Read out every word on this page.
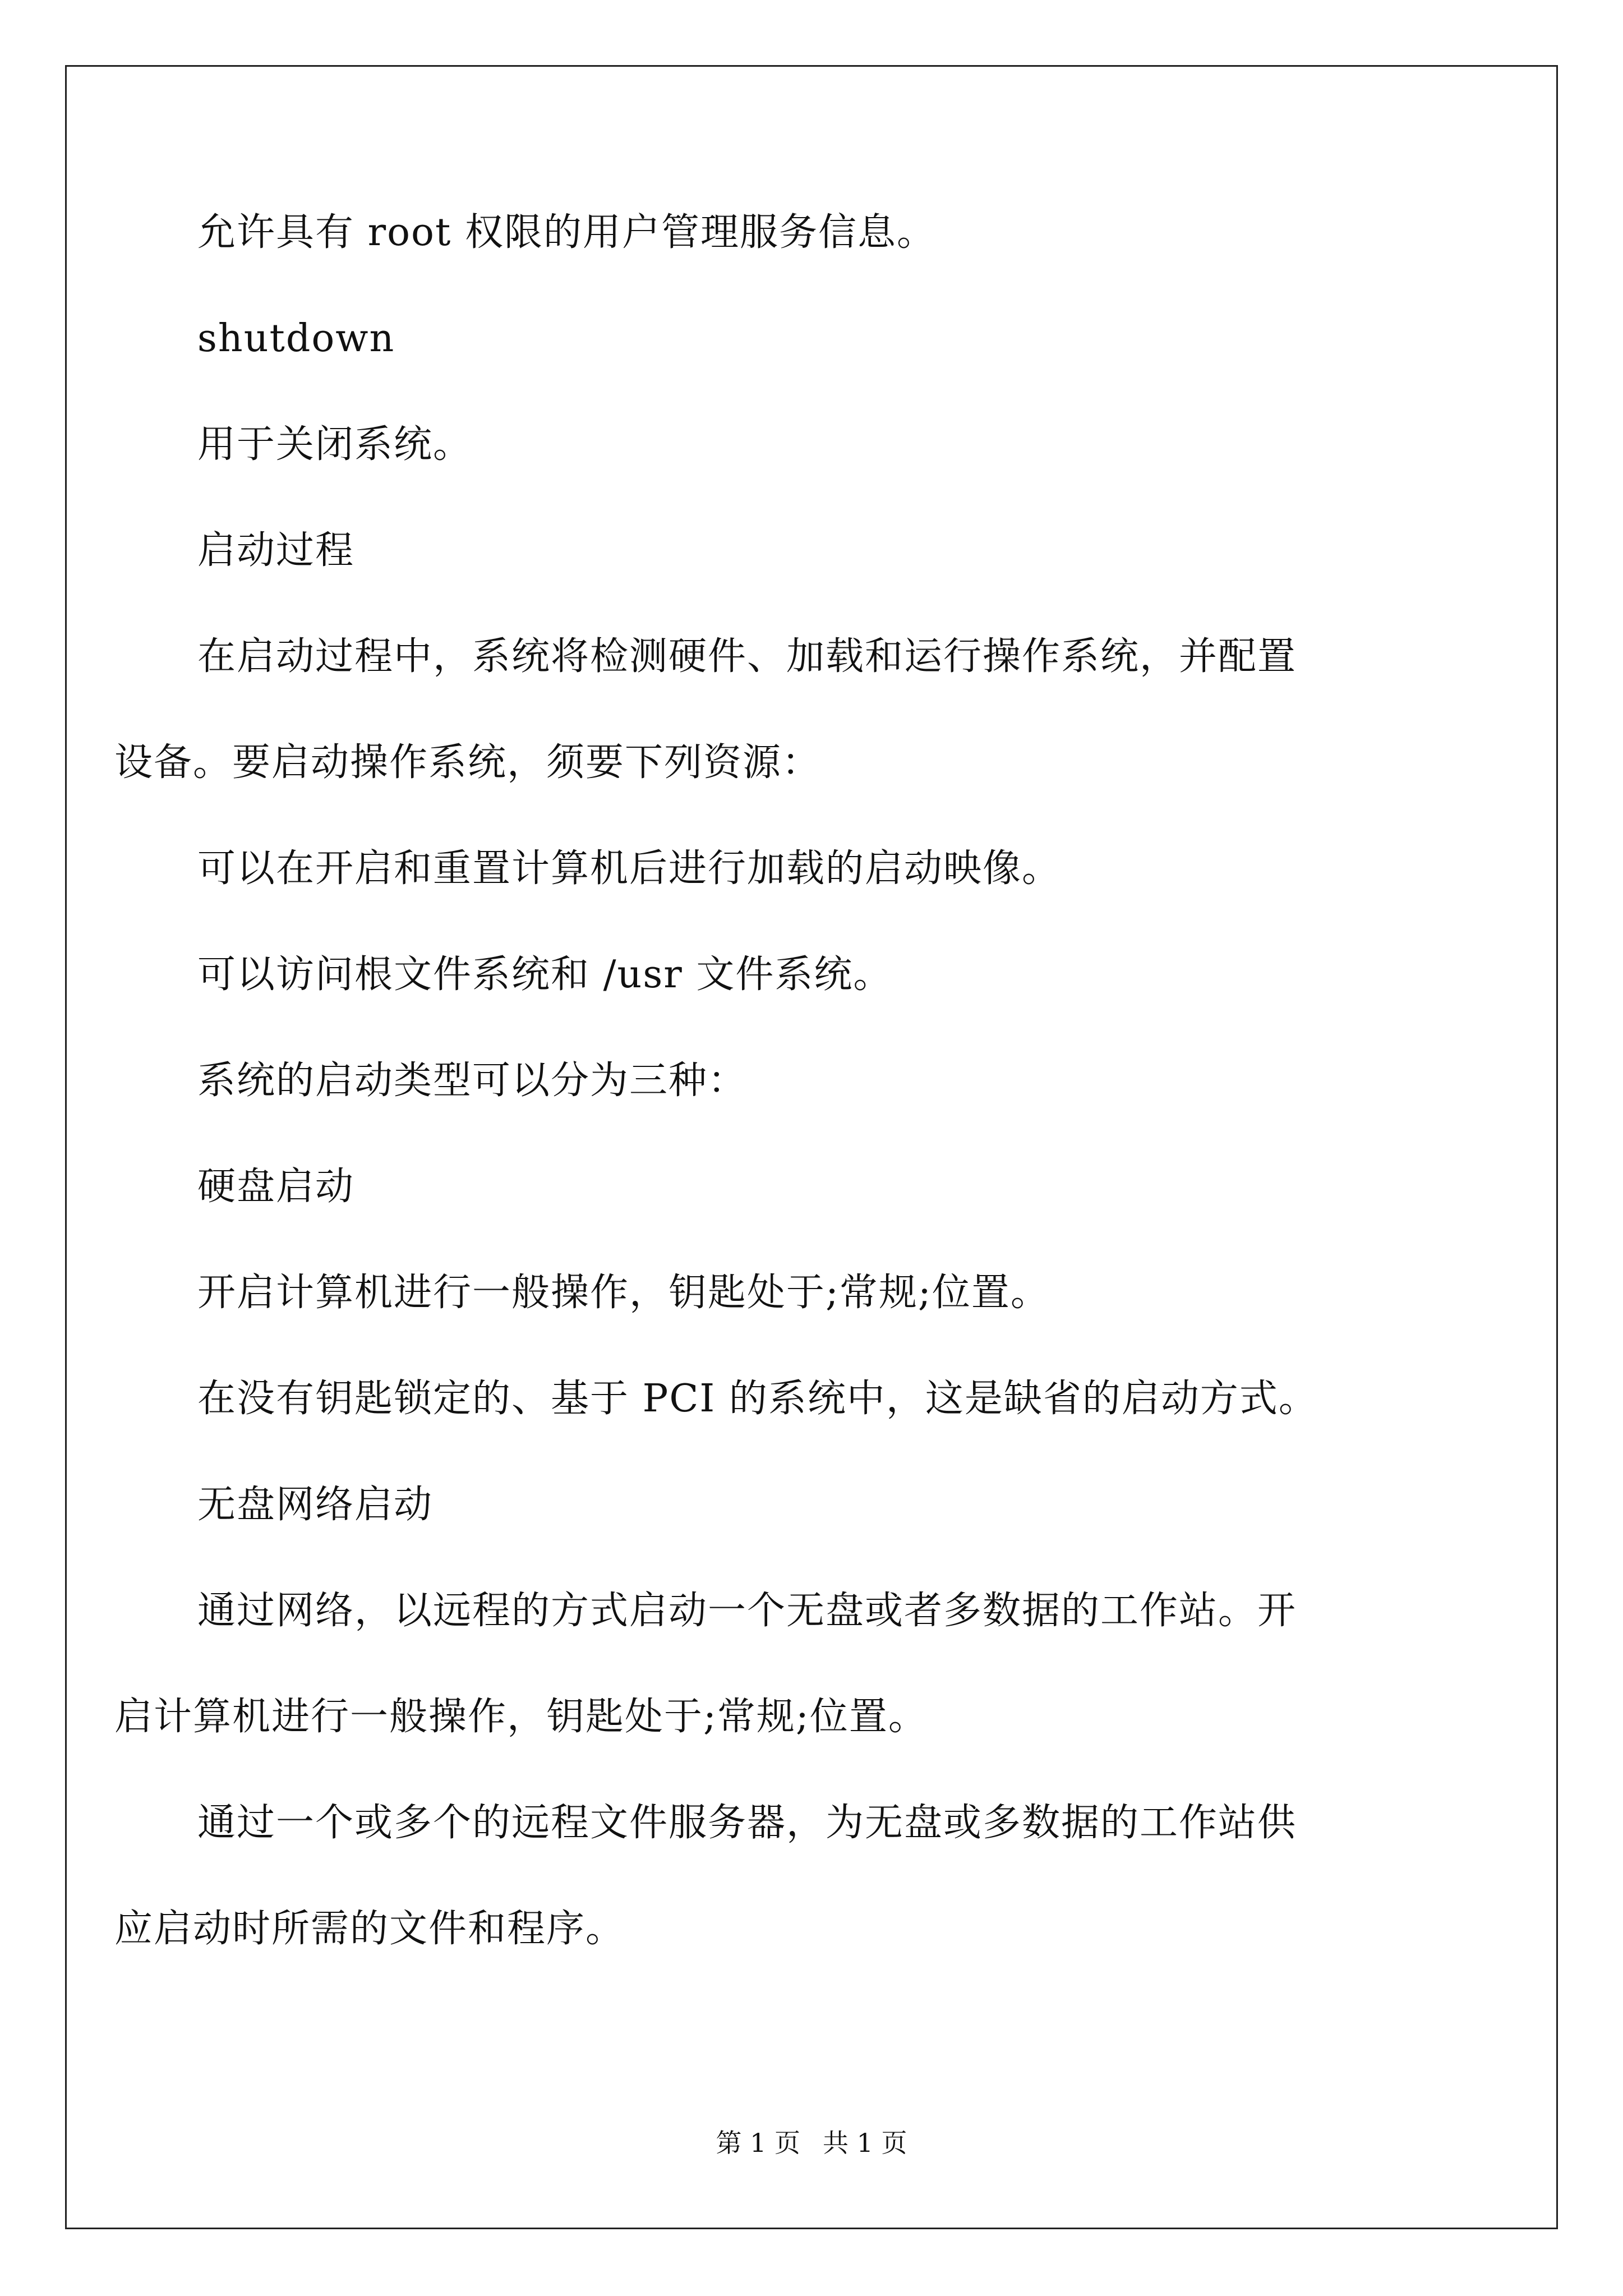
允许具有 root 权限的用户管理服务信息。
shutdown
用于关闭系统。
启动过程
在启动过程中，系统将检测硬件、加载和运行操作系统，并配置
设备。要启动操作系统，须要下列资源：
可以在开启和重置计算机后进行加载的启动映像。
可以访问根文件系统和 /usr 文件系统。
系统的启动类型可以分为三种：
硬盘启动
开启计算机进行一般操作，钥匙处于;常规;位置。
在没有钥匙锁定的、基于 PCI 的系统中，这是缺省的启动方式。
无盘网络启动
通过网络，以远程的方式启动一个无盘或者多数据的工作站。开
启计算机进行一般操作，钥匙处于;常规;位置。
通过一个或多个的远程文件服务器，为无盘或多数据的工作站供
应启动时所需的文件和程序。
第 1 页 共 1 页
